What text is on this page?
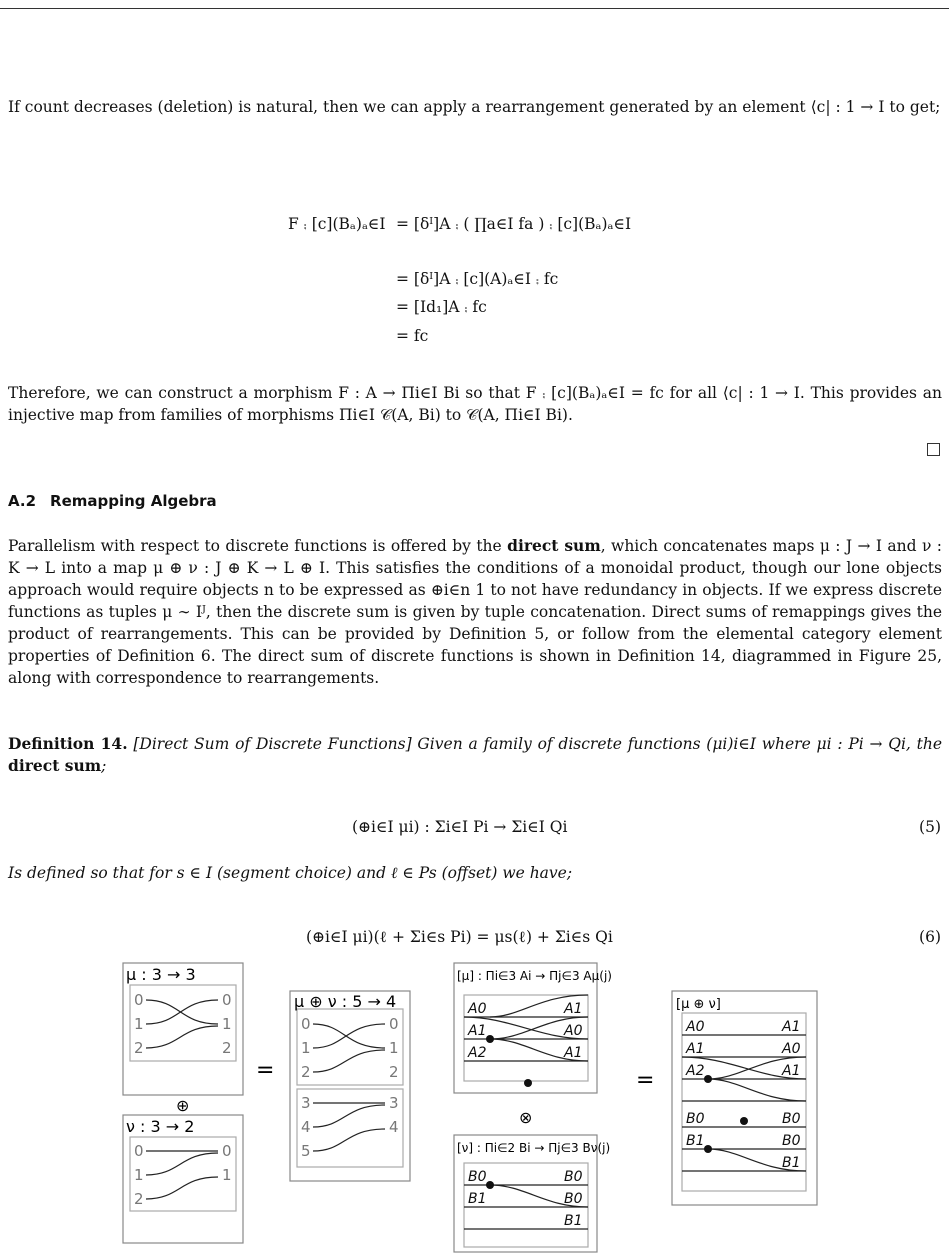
If count decreases (deletion) is natural, then we can apply a rearrangement generated by an element ⟨c| : 1 → I to get;
F ⨾ [c](Bₐ)ₐ∈I = [δᴵ]A ⨾ ( ∏a∈I fa ) ⨾ [c](Bₐ)ₐ∈I
= [δᴵ]A ⨾ [c](A)ₐ∈I ⨾ fc
= [Id₁]A ⨾ fc
= fc
Therefore, we can construct a morphism F : A → Πi∈I Bi so that F ⨾ [c](Bₐ)ₐ∈I = fc for all ⟨c| : 1 → I. This provides an injective map from families of morphisms Πi∈I 𝒞(A, Bi) to 𝒞(A, Πi∈I Bi).
A.2 Remapping Algebra
Parallelism with respect to discrete functions is offered by the direct sum, which concatenates maps μ : J → I and ν : K → L into a map μ ⊕ ν : J ⊕ K → L ⊕ I. This satisfies the conditions of a monoidal product, though our lone objects approach would require objects n to be expressed as ⊕i∈n 1 to not have redundancy in objects. If we express discrete functions as tuples μ ∼ Iᴶ, then the discrete sum is given by tuple concatenation. Direct sums of remappings gives the product of rearrangements. This can be provided by Definition 5, or follow from the elemental category element properties of Definition 6. The direct sum of discrete functions is shown in Definition 14, diagrammed in Figure 25, along with correspondence to rearrangements.
Definition 14. [Direct Sum of Discrete Functions] Given a family of discrete functions (μi)i∈I where μi : Pi → Qi, the direct sum;
(⊕i∈I μi) : Σi∈I Pi → Σi∈I Qi	(5)
Is defined so that for s ∈ I (segment choice) and ℓ ∈ Ps (offset) we have;
(⊕i∈I μi)(ℓ + Σi∈s Pi) = μs(ℓ) + Σi∈s Qi	(6)
μ : 3 → 3
ν : 3 → 2
μ ⊕ ν : 5 → 4
[μ] : Πi∈3 Ai → Πj∈3 Aμ(j)
[ν] : Πi∈2 Bi → Πj∈3 Bν(j)
[μ ⊕ ν]
⊕
=
⊗
=
0
1
2
0
1
2
0
1
2
0
1
0
1
2
3
4
5
0
1
2
3
4
A0
A1
A2
A1
A0
A1
B0
B1
B0
B0
B1
A0
A1
A2
A1
A0
A1
B0
B1
B0
B0
B1
